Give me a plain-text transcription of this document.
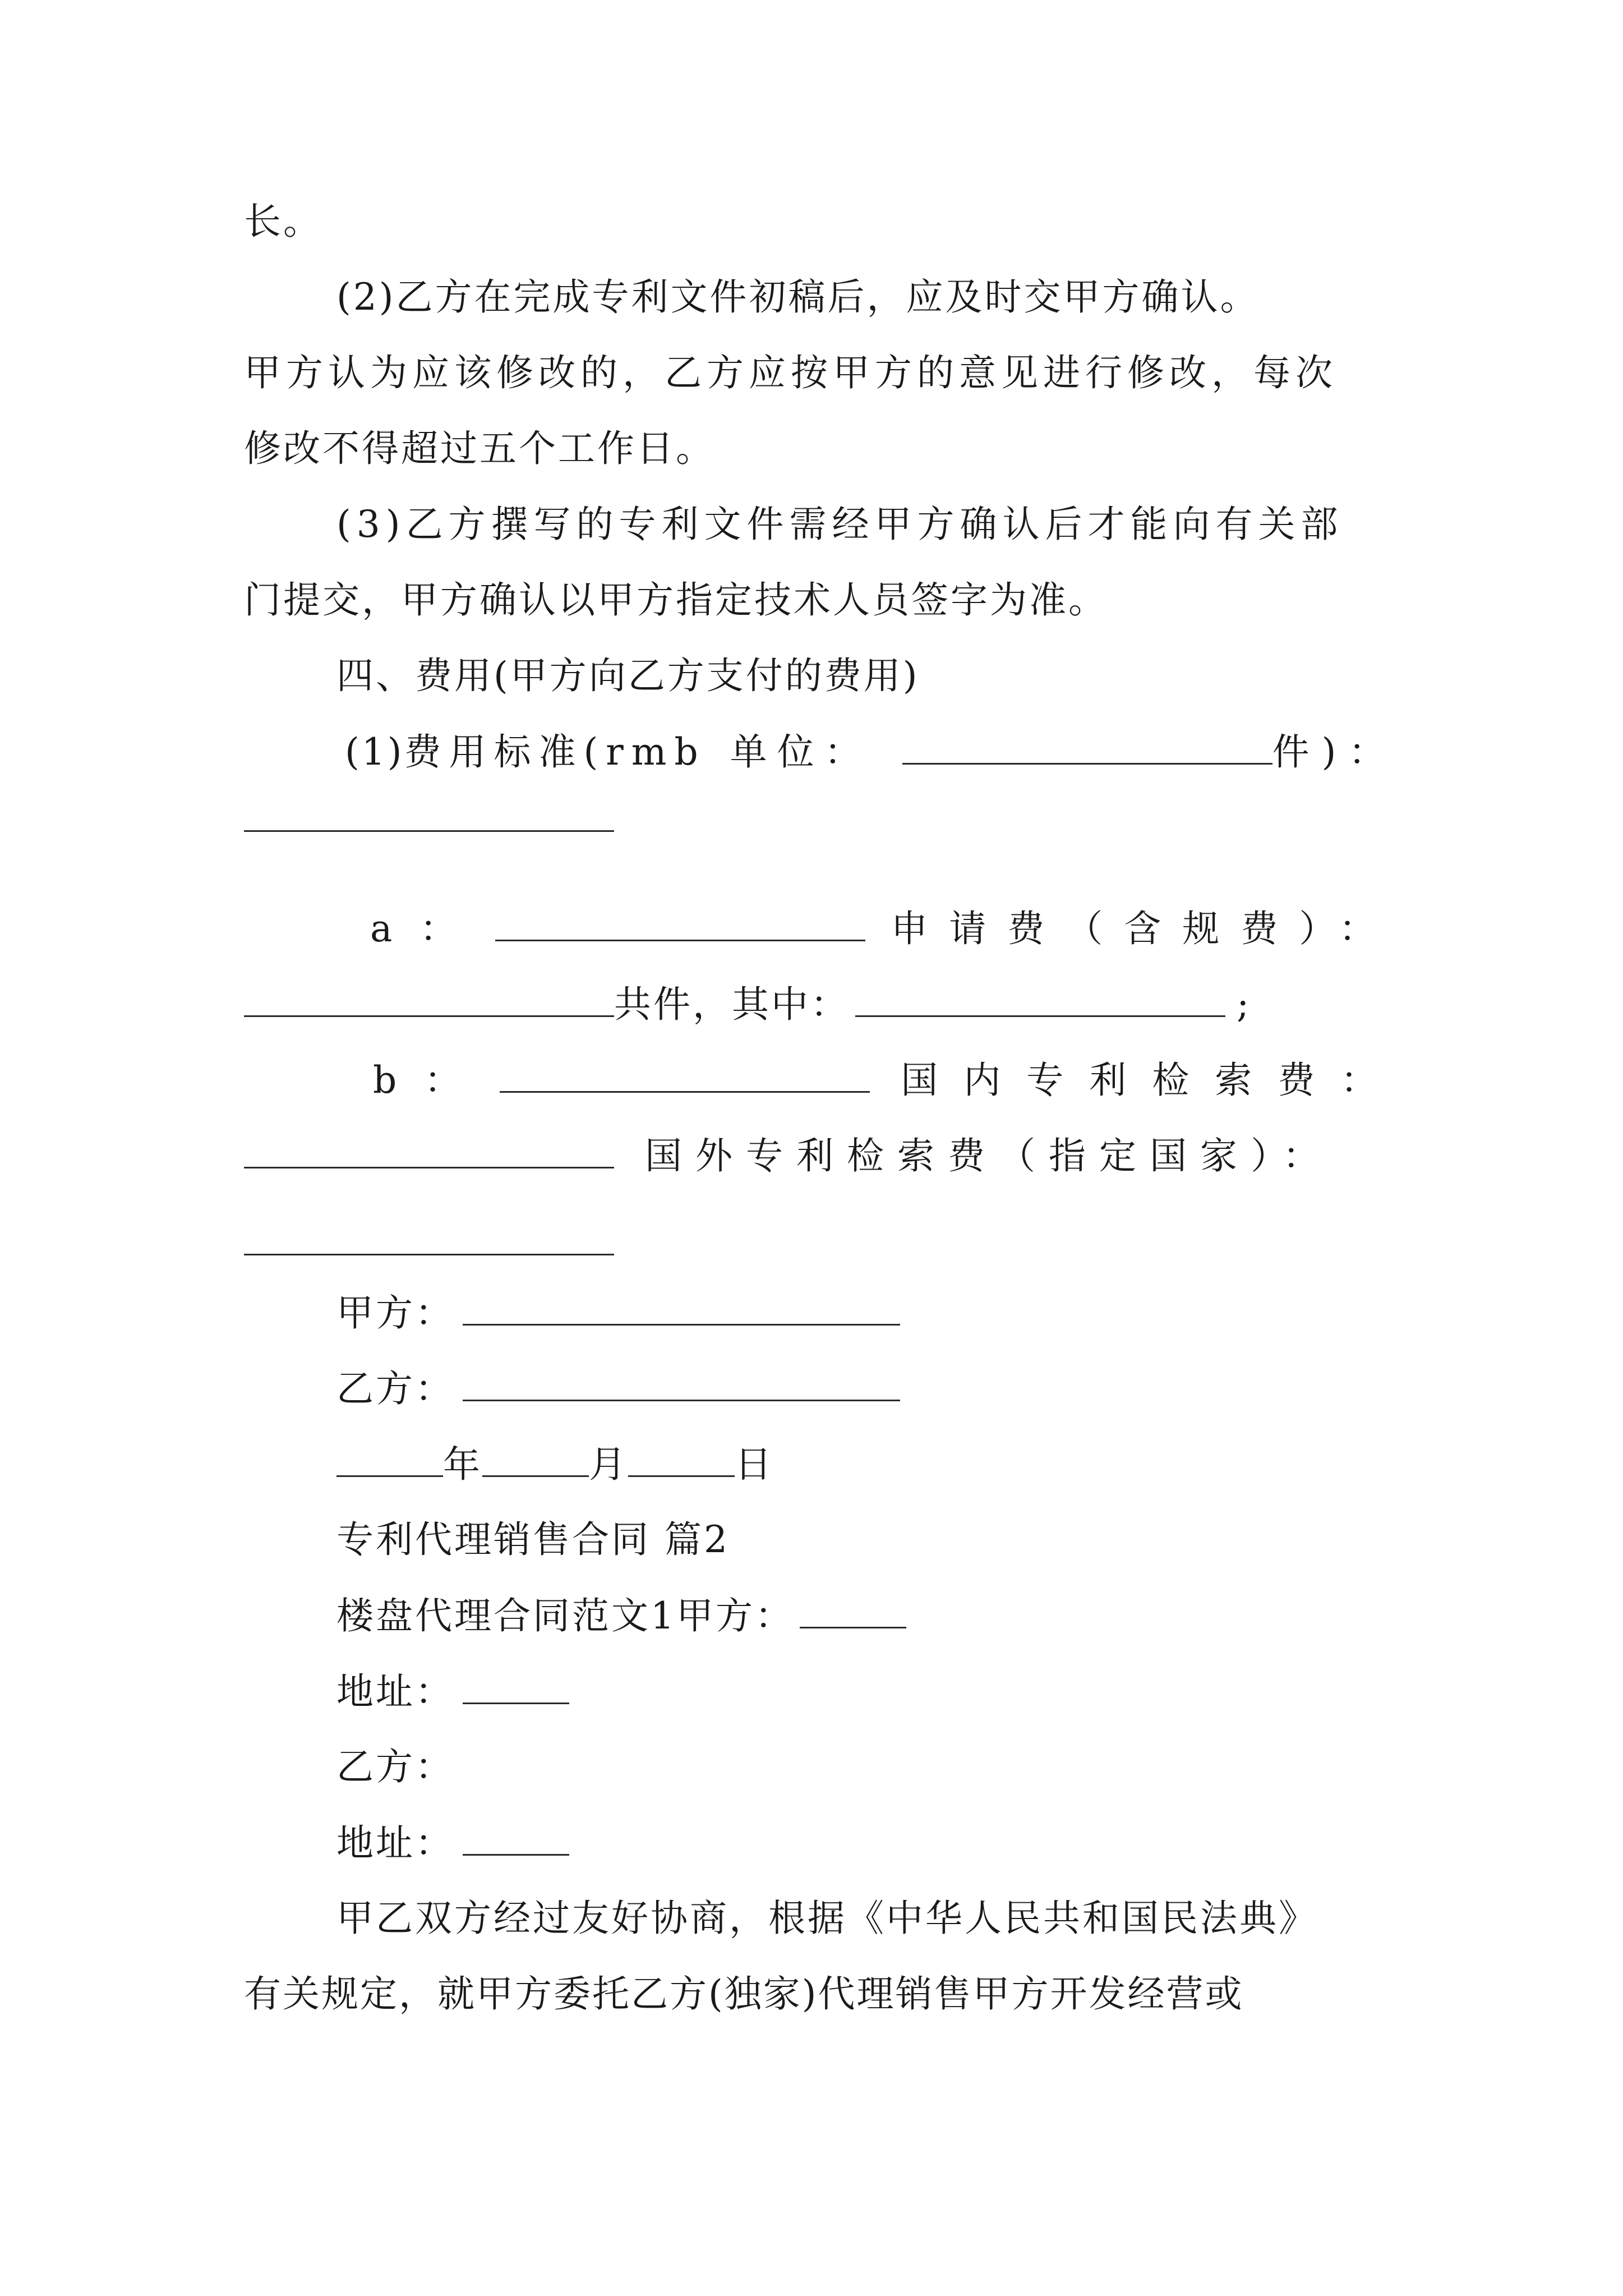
长。
(2)乙方在完成专利文件初稿后，应及时交甲方确认。
甲方认为应该修改的，乙方应按甲方的意见进行修改，每次
修改不得超过五个工作日。
(3)乙方撰写的专利文件需经甲方确认后才能向有关部
门提交，甲方确认以甲方指定技术人员签字为准。
四、费用(甲方向乙方支付的费用)
(1)费用标准(rmb 单位：	件)：
a ：	申请费（含规费）：
共件，其中：	;
b ：	国内专利检索费：
国外专利检索费（指定国家）：
甲方：
乙方：
年	月	日
专利代理销售合同 篇2
楼盘代理合同范文1甲方：
地址：
乙方：
地址：
甲乙双方经过友好协商，根据《中华人民共和国民法典》
有关规定，就甲方委托乙方(独家)代理销售甲方开发经营或
